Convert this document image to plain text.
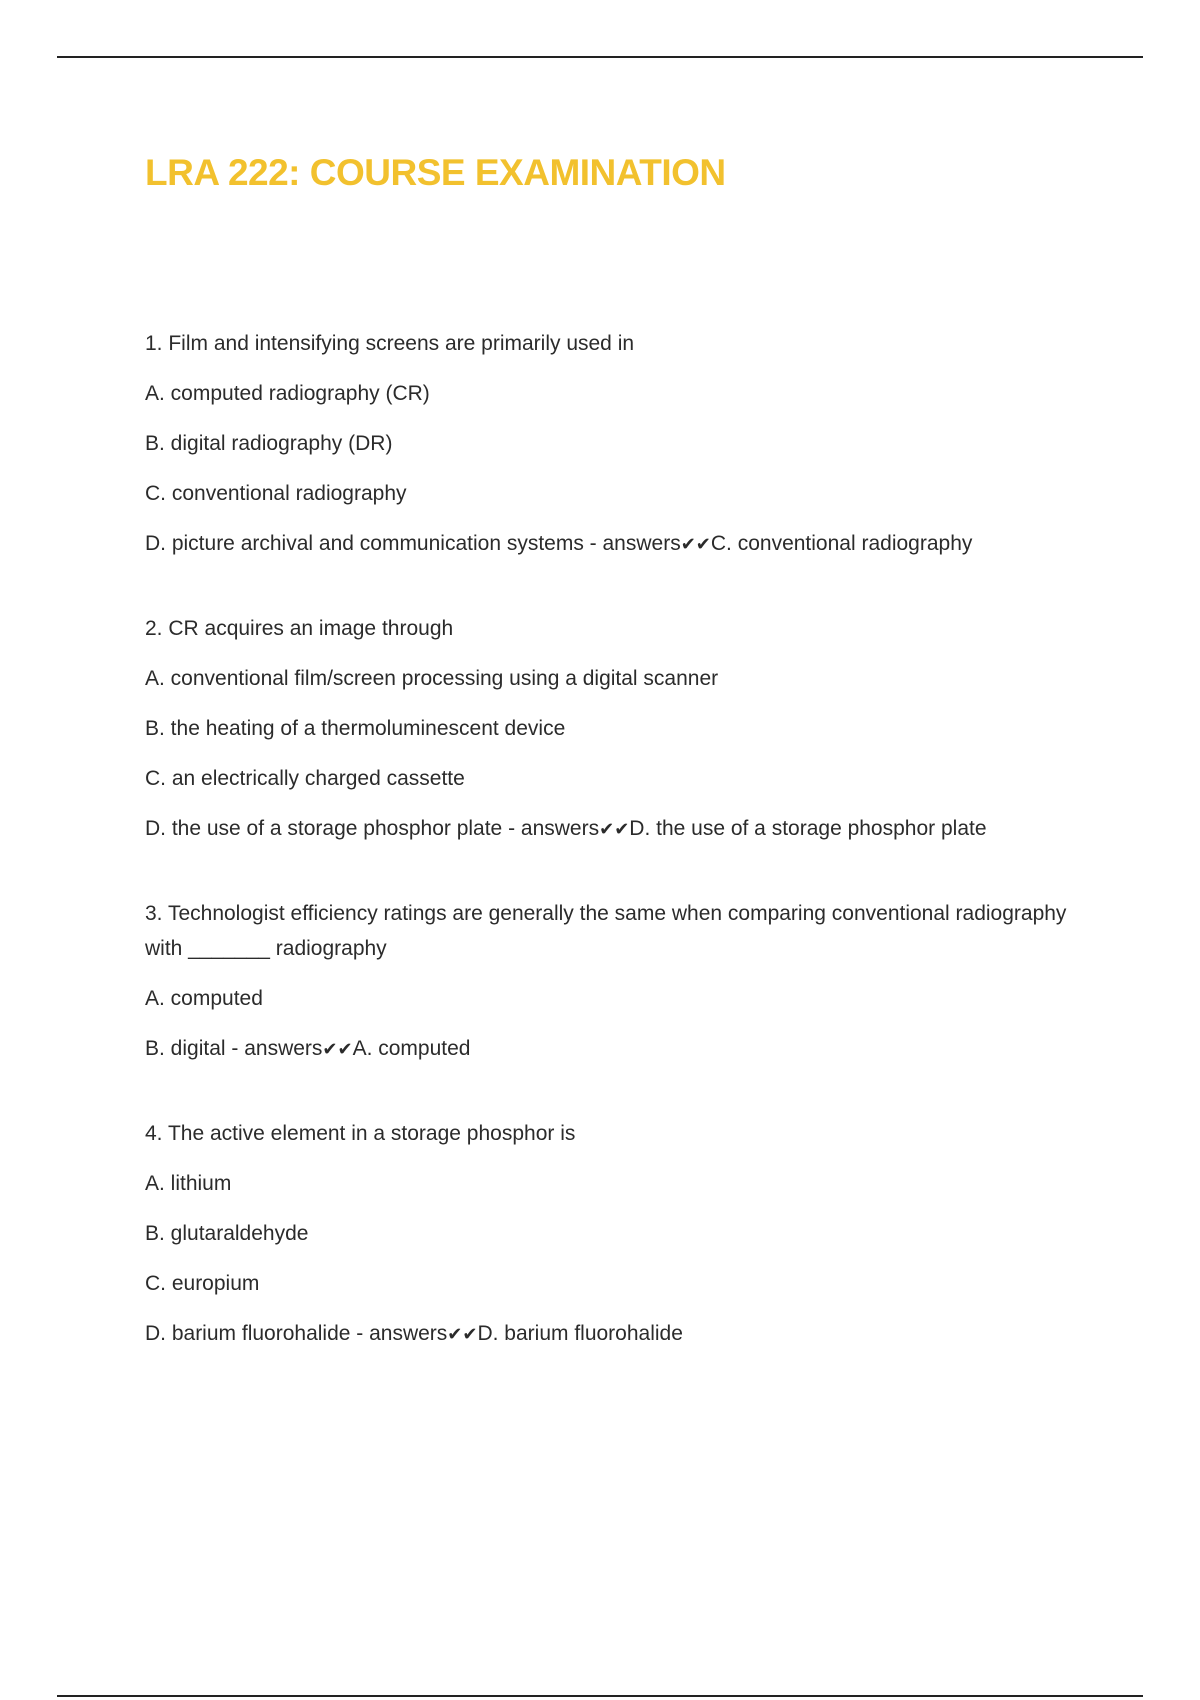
LRA 222: COURSE EXAMINATION

1. Film and intensifying screens are primarily used in

A. computed radiography (CR)

B. digital radiography (DR)

C. conventional radiography

D. picture archival and communication systems - answers✔✔C. conventional radiography

2. CR acquires an image through

A. conventional film/screen processing using a digital scanner

B. the heating of a thermoluminescent device

C. an electrically charged cassette

D. the use of a storage phosphor plate - answers✔✔D. the use of a storage phosphor plate

3. Technologist efficiency ratings are generally the same when comparing conventional radiography with _______ radiography

A. computed

B. digital - answers✔✔A. computed

4. The active element in a storage phosphor is

A. lithium

B. glutaraldehyde

C. europium

D. barium fluorohalide - answers✔✔D. barium fluorohalide
